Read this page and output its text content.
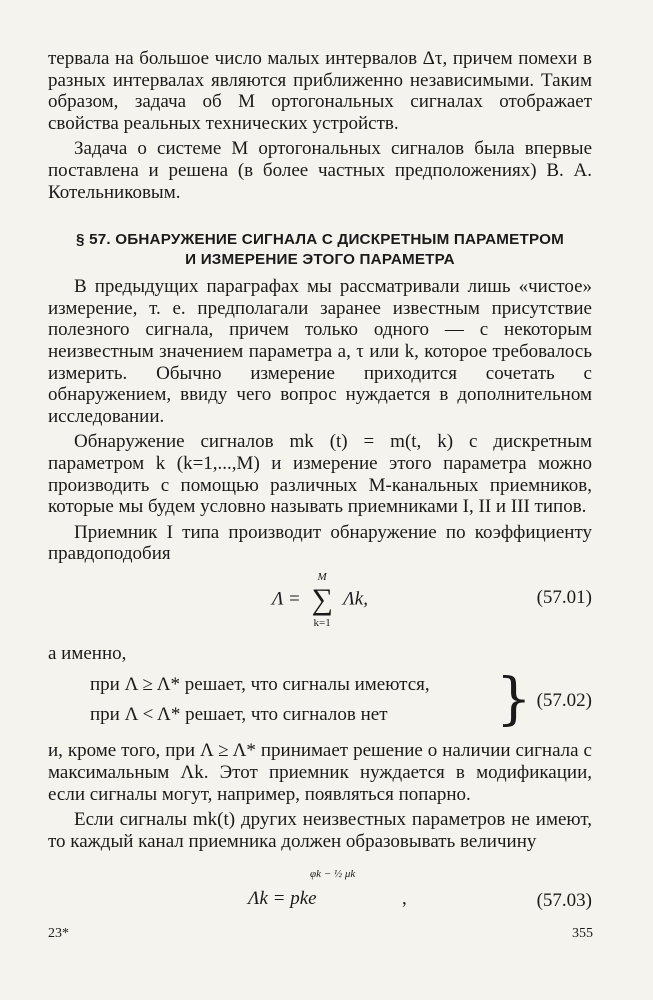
тервала на большое число малых интервалов Δτ, причем помехи в разных интервалах являются приближенно независимыми. Таким образом, задача об M ортогональных сигналах отображает свойства реальных технических устройств.

Задача о системе M ортогональных сигналов была впервые поставлена и решена (в более частных предположениях) В. А. Котельниковым.

§ 57. ОБНАРУЖЕНИЕ СИГНАЛА С ДИСКРЕТНЫМ ПАРАМЕТРОМ
И ИЗМЕРЕНИЕ ЭТОГО ПАРАМЕТРА

В предыдущих параграфах мы рассматривали лишь «чистое» измерение, т. е. предполагали заранее известным присутствие полезного сигнала, причем только одного — с некоторым неизвестным значением параметра a, τ или k, которое требовалось измерить. Обычно измерение приходится сочетать с обнаружением, ввиду чего вопрос нуждается в дополнительном исследовании.

Обнаружение сигналов mk (t) = m(t, k) с дискретным параметром k (k=1,...,M) и измерение этого параметра можно производить с помощью различных M-канальных приемников, которые мы будем условно называть приемниками I, II и III типов.

Приемник I типа производит обнаружение по коэффициенту правдоподобия

Λ =
M
∑
k=1
Λk,	(57.01)

а именно,

при Λ ≥ Λ* решает, что сигналы имеются,
при Λ < Λ* решает, что сигналов нет } (57.02)

и, кроме того, при Λ ≥ Λ* принимает решение о наличии сигнала с максимальным Λk. Этот приемник нуждается в модификации, если сигналы могут, например, появляться попарно.

Если сигналы mk(t) других неизвестных параметров не имеют, то каждый канал приемника должен образовывать величину

Λk = pke
φk − ½ μk
,	(57.03)
23*	355
